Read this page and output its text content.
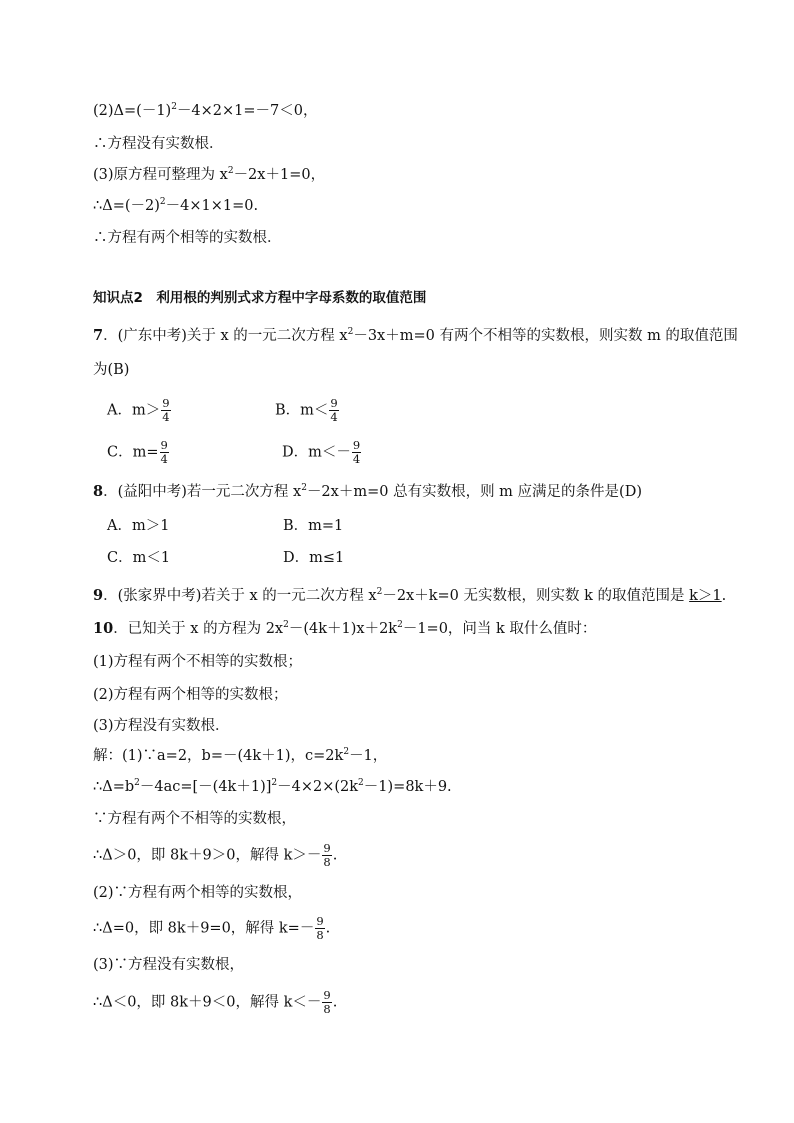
$(2)\Delta=(-1)^2-4\times 2\times 1=-7<0$，
∴方程没有实数根．
(3)原方程可整理为 $x^2-2x+1=0$，
$\therefore\Delta=(-2)^2-4\times 1\times 1=0$.
∴方程有两个相等的实数根．
知识点2　利用根的判别式求方程中字母系数的取值范围
7．(广东中考)关于 x 的一元二次方程 $x^2-3x+m=0$ 有两个不相等的实数根，则实数 m 的取值范围
为(B)
A．$m> \frac{9}{4}$	B．$m< \frac{9}{4}$
C．$m= \frac{9}{4}$	D．$m<- \frac{9}{4}$
8．(益阳中考)若一元二次方程 $x^2-2x+m=0$ 总有实数根，则 m 应满足的条件是(D)
A．m＞1	B．m=1
C．m＜1	D．m≤1
9．(张家界中考)若关于 x 的一元二次方程 $x^2-2x+k=0$ 无实数根，则实数 k 的取值范围是 k＞1.
10．已知关于 x 的方程为 $2x^2-(4k+1)x+2k^2-1=0$，问当 k 取什么值时：
(1)方程有两个不相等的实数根；
(2)方程有两个相等的实数根；
(3)方程没有实数根．
解：(1)∵a=2，b=－(4k＋1)，$c=2k^2-1$，
$\therefore\Delta=b^2-4ac=[-(4k+1)]^2-4\times 2\times(2k^2-1)=8k+9$.
∵方程有两个不相等的实数根，
∴Δ＞0，即 8k＋9＞0，解得 $k>- \frac{9}{8}$ .
(2)∵方程有两个相等的实数根，
∴Δ=0，即 8k＋9=0，解得 $k=- \frac{9}{8}$ .
(3)∵方程没有实数根，
∴Δ＜0，即 8k＋9＜0，解得 $k<- \frac{9}{8}$ .
